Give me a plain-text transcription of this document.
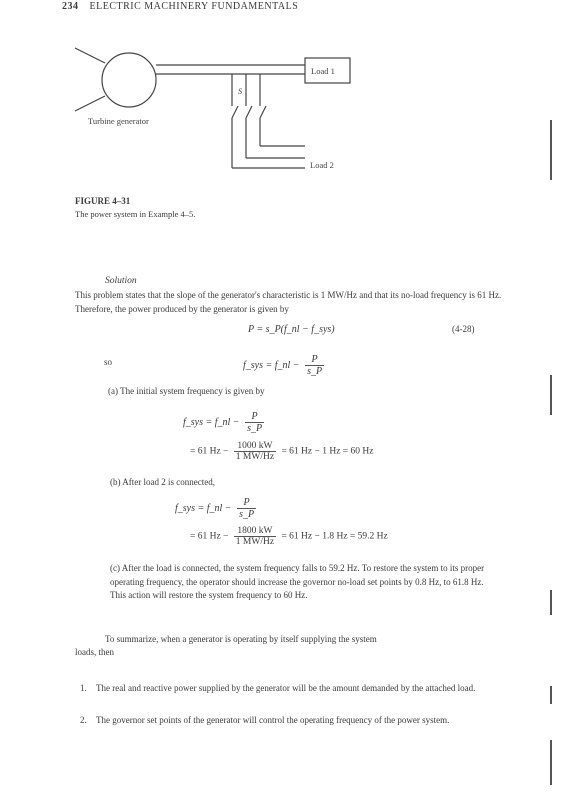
234 ELECTRIC MACHINERY FUNDAMENTALS
Turbine generator
Load 1
Load 2
S
FIGURE 4–31
The power system in Example 4–5.
Solution
This problem states that the slope of the generator's characteristic is 1 MW/Hz and that its no-load frequency is 61 Hz. Therefore, the power produced by the generator is given by
P = s_P(f_nl − f_sys)	(4-28)
so	f_sys = f_nl − $\frac{P}{s\_P}$
(a) The initial system frequency is given by
f_sys = f_nl − $\frac{P}{s\_P}$
= 61 $Hz - \frac{1000 kW}{1 MW/Hz} = 61$ Hz − 1 Hz = 60 Hz
(b) After load 2 is connected,
f_sys = f_nl − $\frac{P}{s\_P}$
= 61 $Hz - \frac{1800 kW}{1 MW/Hz} = 61$ Hz − 1.8 Hz = 59.2 Hz
(c) After the load is connected, the system frequency falls to 59.2 Hz. To restore the system to its proper operating frequency, the operator should increase the governor no-load set points by 0.8 Hz, to 61.8 Hz. This action will restore the system frequency to 60 Hz.
To summarize, when a generator is operating by itself supplying the system
loads, then
1. The real and reactive power supplied by the generator will be the amount demanded by the attached load.
2. The governor set points of the generator will control the operating frequency of the power system.
